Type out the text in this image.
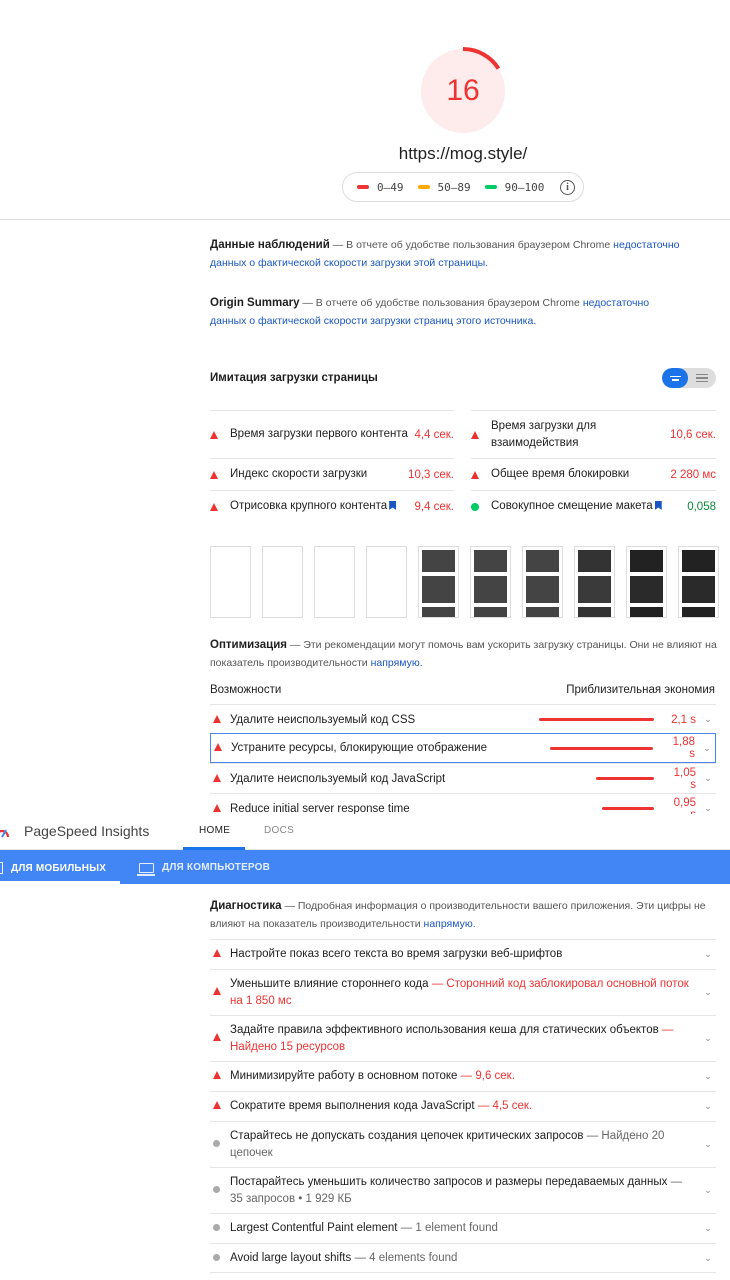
16
https://mog.style/
0–49	50–89	90–100	i
Данные наблюдений — В отчете об удобстве пользования браузером Chrome недостаточно данных о фактической скорости загрузки этой страницы.
Origin Summary — В отчете об удобстве пользования браузером Chrome недостаточно данных о фактической скорости загрузки страниц этого источника.
Имитация загрузки страницы
Время загрузки первого контента 4,4 сек.
Время загрузки для взаимодействия
10,6 сек.
Индекс скорости загрузки	10,3 сек.	Общее время блокировки	2 280 мс
Отрисовка крупного контента	9,4 сек.	Совокупное смещение макета	0,058
Оптимизация — Эти рекомендации могут помочь вам ускорить загрузку страницы. Они не влияют на показатель производительности напрямую.
Возможности	Приблизительная экономия
Удалите неиспользуемый код CSS	2,1 s ⌄
Устраните ресурсы, блокирующие отображение	1,88 s
⌄
Удалите неиспользуемый код JavaScript	1,05 s
⌄
Reduce initial server response time	0,95 ⌄
PageSpeed Insights	HOME	DOCS
ДЛЯ МОБИЛЬНЫХ	ДЛЯ КОМПЬЮТЕРОВ
Диагностика — Подробная информация о производительности вашего приложения. Эти цифры не влияют на показатель производительности напрямую.
Настройте показ всего текста во время загрузки веб-шрифтов	⌄
Уменьшите влияние стороннего кода — Сторонний код заблокировал основной поток на 1 850 мс
⌄
Задайте правила эффективного использования кеша для статических объектов — Найдено 15 ресурсов
⌄
Минимизируйте работу в основном потоке — 9,6 сек.	⌄
Сократите время выполнения кода JavaScript — 4,5 сек.	⌄
Старайтесь не допускать создания цепочек критических запросов — Найдено 20 цепочек
⌄
Постарайтесь уменьшить количество запросов и размеры передаваемых данных — 35 запросов • 1 929 КБ
⌄
Largest Contentful Paint element — 1 element found	⌄
Avoid large layout shifts — 4 elements found	⌄
